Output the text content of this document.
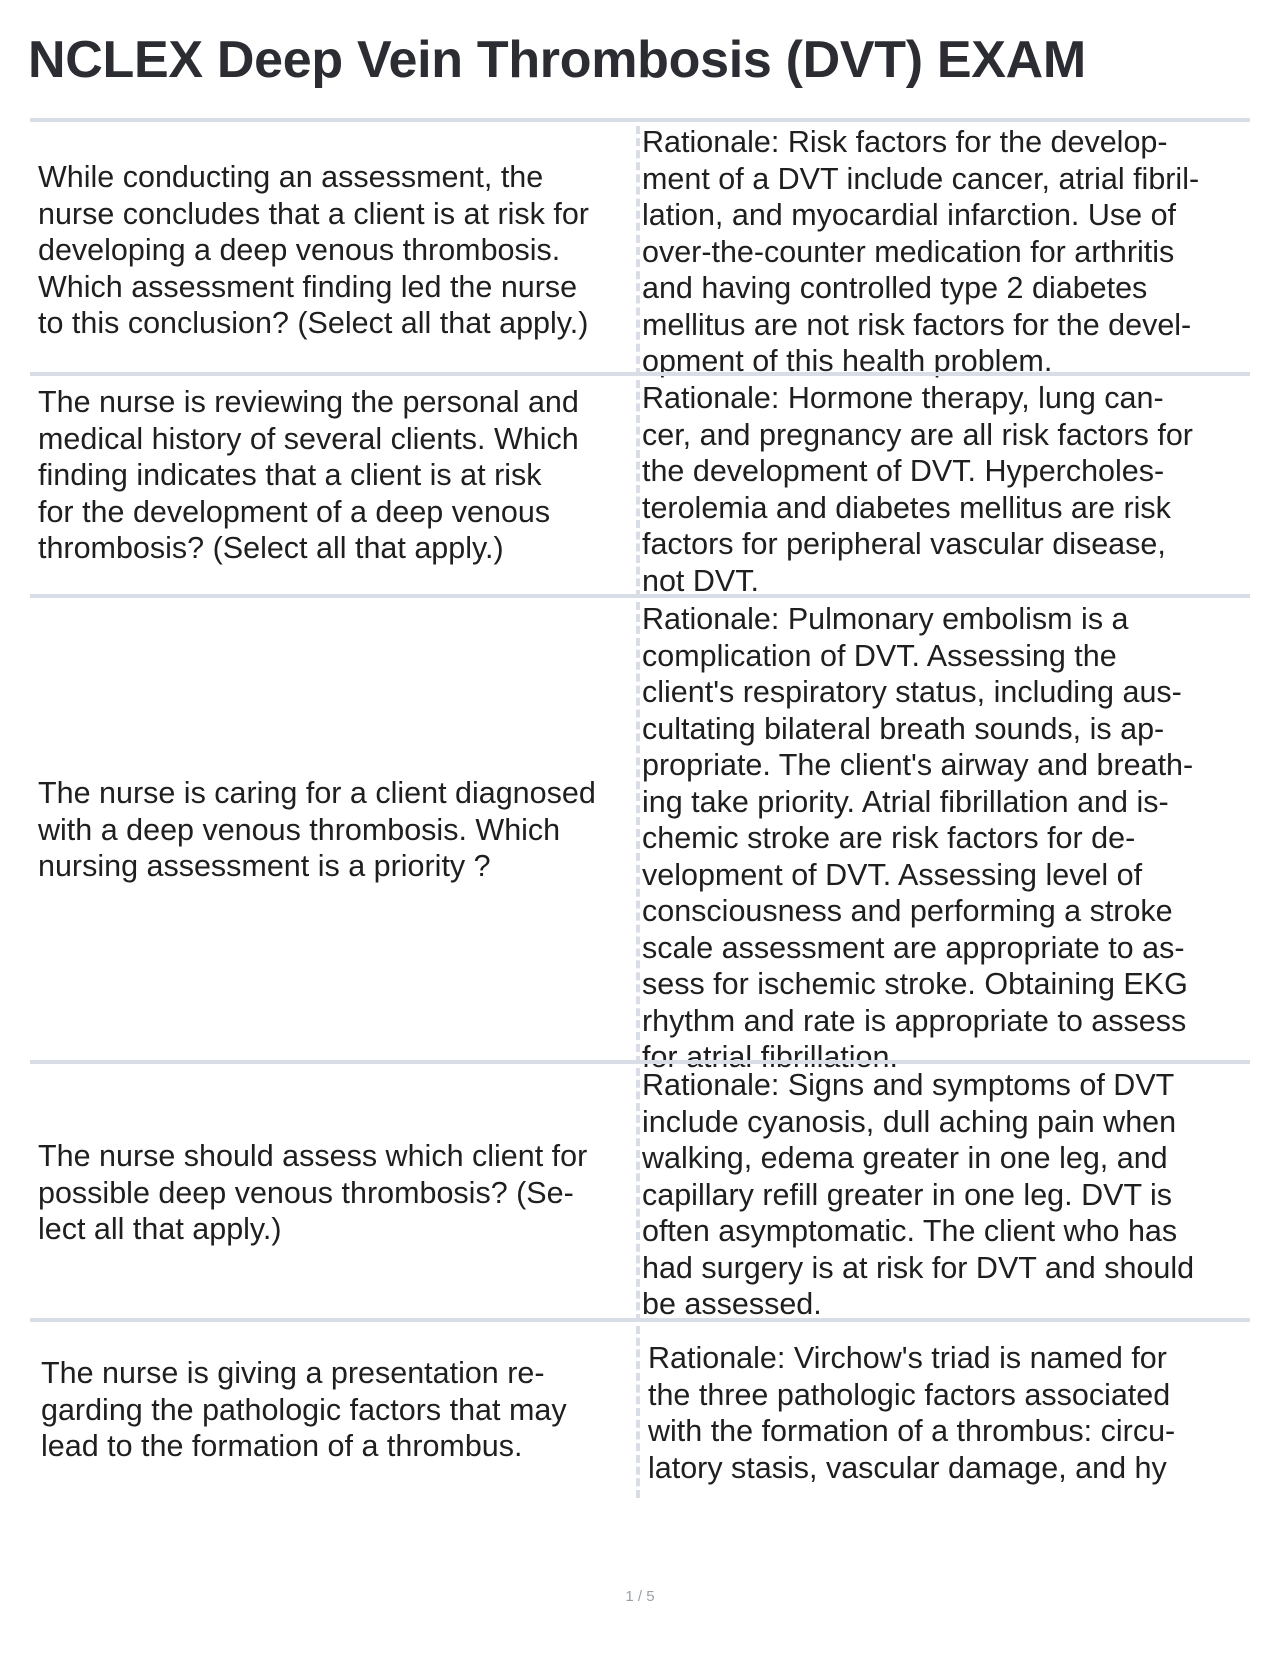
NCLEX Deep Vein Thrombosis (DVT) EXAM
While conducting an assessment, the
nurse concludes that a client is at risk for
developing a deep venous thrombosis.
Which assessment finding led the nurse
to this conclusion? (Select all that apply.)
Rationale: Risk factors for the develop-
ment of a DVT include cancer, atrial fibril-
lation, and myocardial infarction. Use of
over-the-counter medication for arthritis
and having controlled type 2 diabetes
mellitus are not risk factors for the devel-
opment of this health problem.
The nurse is reviewing the personal and
medical history of several clients. Which
finding indicates that a client is at risk
for the development of a deep venous
thrombosis? (Select all that apply.)
Rationale: Hormone therapy, lung can-
cer, and pregnancy are all risk factors for
the development of DVT. Hypercholes-
terolemia and diabetes mellitus are risk
factors for peripheral vascular disease,
not DVT.
The nurse is caring for a client diagnosed
with a deep venous thrombosis. Which
nursing assessment is a priority ?
Rationale: Pulmonary embolism is a
complication of DVT. Assessing the
client's respiratory status, including aus-
cultating bilateral breath sounds, is ap-
propriate. The client's airway and breath-
ing take priority. Atrial fibrillation and is-
chemic stroke are risk factors for de-
velopment of DVT. Assessing level of
consciousness and performing a stroke
scale assessment are appropriate to as-
sess for ischemic stroke. Obtaining EKG
rhythm and rate is appropriate to assess
for atrial fibrillation.
The nurse should assess which client for
possible deep venous thrombosis? (Se-
lect all that apply.)
Rationale: Signs and symptoms of DVT
include cyanosis, dull aching pain when
walking, edema greater in one leg, and
capillary refill greater in one leg. DVT is
often asymptomatic. The client who has
had surgery is at risk for DVT and should
be assessed.
The nurse is giving a presentation re-
garding the pathologic factors that may
lead to the formation of a thrombus.
Rationale: Virchow's triad is named for
the three pathologic factors associated
with the formation of a thrombus: circu-
latory stasis, vascular damage, and hy
1 / 5
